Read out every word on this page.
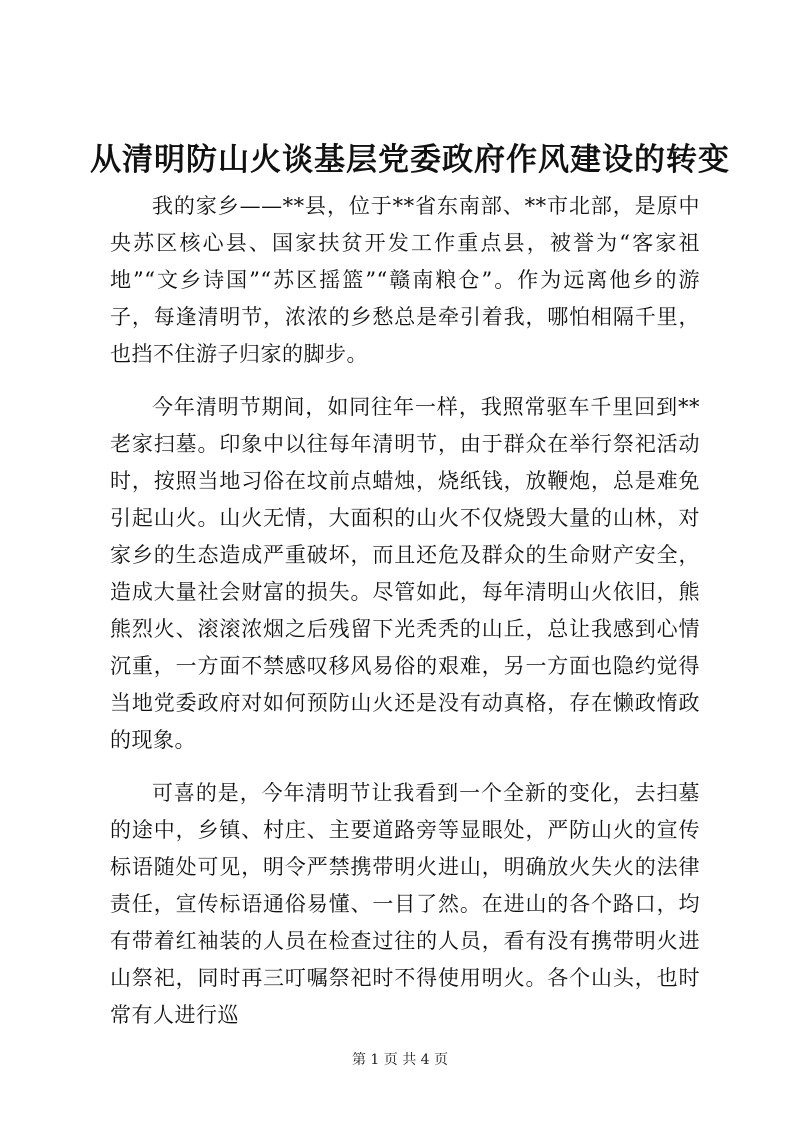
从清明防山火谈基层党委政府作风建设的转变

我的家乡——**县，位于**省东南部、**市北部，是原中央苏区核心县、国家扶贫开发工作重点县，被誉为“客家祖地”“文乡诗国”“苏区摇篮”“赣南粮仓”。作为远离他乡的游子，每逢清明节，浓浓的乡愁总是牵引着我，哪怕相隔千里，也挡不住游子归家的脚步。

今年清明节期间，如同往年一样，我照常驱车千里回到**老家扫墓。印象中以往每年清明节，由于群众在举行祭祀活动时，按照当地习俗在坟前点蜡烛，烧纸钱，放鞭炮，总是难免引起山火。山火无情，大面积的山火不仅烧毁大量的山林，对家乡的生态造成严重破坏，而且还危及群众的生命财产安全，造成大量社会财富的损失。尽管如此，每年清明山火依旧，熊熊烈火、滚滚浓烟之后残留下光秃秃的山丘，总让我感到心情沉重，一方面不禁感叹移风易俗的艰难，另一方面也隐约觉得当地党委政府对如何预防山火还是没有动真格，存在懒政惰政的现象。

可喜的是，今年清明节让我看到一个全新的变化，去扫墓的途中，乡镇、村庄、主要道路旁等显眼处，严防山火的宣传标语随处可见，明令严禁携带明火进山，明确放火失火的法律责任，宣传标语通俗易懂、一目了然。在进山的各个路口，均有带着红袖装的人员在检查过往的人员，看有没有携带明火进山祭祀，同时再三叮嘱祭祀时不得使用明火。各个山头，也时常有人进行巡

第 1 页 共 4 页
